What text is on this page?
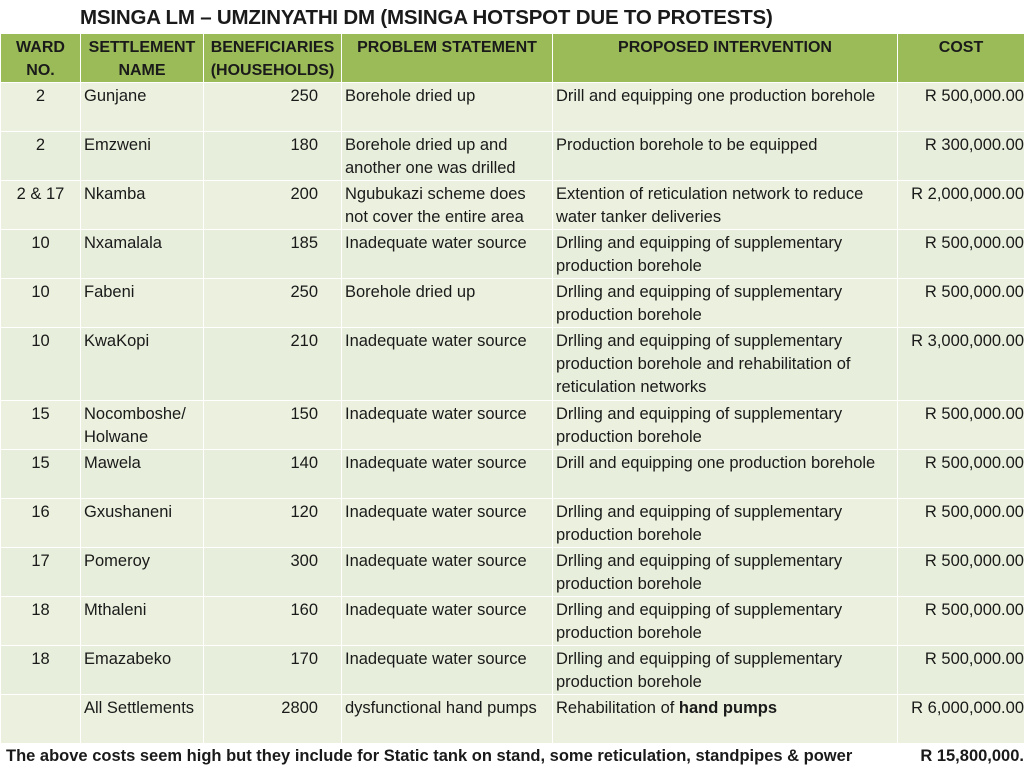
MSINGA LM – UMZINYATHI DM (MSINGA HOTSPOT DUE TO PROTESTS)
WARD NO.	SETTLEMENT NAME	BENEFICIARIES (HOUSEHOLDS)	PROBLEM STATEMENT	PROPOSED INTERVENTION	COST
2	Gunjane	250	Borehole dried up	Drill and equipping one production borehole	R 500,000.00
2	Emzweni	180	Borehole dried up and another one was drilled	Production borehole to be equipped	R 300,000.00
2 & 17	Nkamba	200	Ngubukazi scheme does not cover the entire area	Extention of reticulation network to reduce water tanker deliveries	R 2,000,000.00
10	Nxamalala	185	Inadequate water source	Drlling and equipping of supplementary production borehole	R 500,000.00
10	Fabeni	250	Borehole dried up	Drlling and equipping of supplementary production borehole	R 500,000.00
10	KwaKopi	210	Inadequate water source	Drlling and equipping of supplementary production borehole and rehabilitation of reticulation networks	R 3,000,000.00
15	Nocomboshe/ Holwane	150	Inadequate water source	Drlling and equipping of supplementary production borehole	R 500,000.00
15	Mawela	140	Inadequate water source	Drill and equipping one production borehole	R 500,000.00
16	Gxushaneni	120	Inadequate water source	Drlling and equipping of supplementary production borehole	R 500,000.00
17	Pomeroy	300	Inadequate water source	Drlling and equipping of supplementary production borehole	R 500,000.00
18	Mthaleni	160	Inadequate water source	Drlling and equipping of supplementary production borehole	R 500,000.00
18	Emazabeko	170	Inadequate water source	Drlling and equipping of supplementary production borehole	R 500,000.00
	All Settlements	2800	dysfunctional hand pumps	Rehabilitation of hand pumps	R 6,000,000.00
The above costs seem high but they include for Static tank on stand, some reticulation, standpipes & power					R 15,800,000.
